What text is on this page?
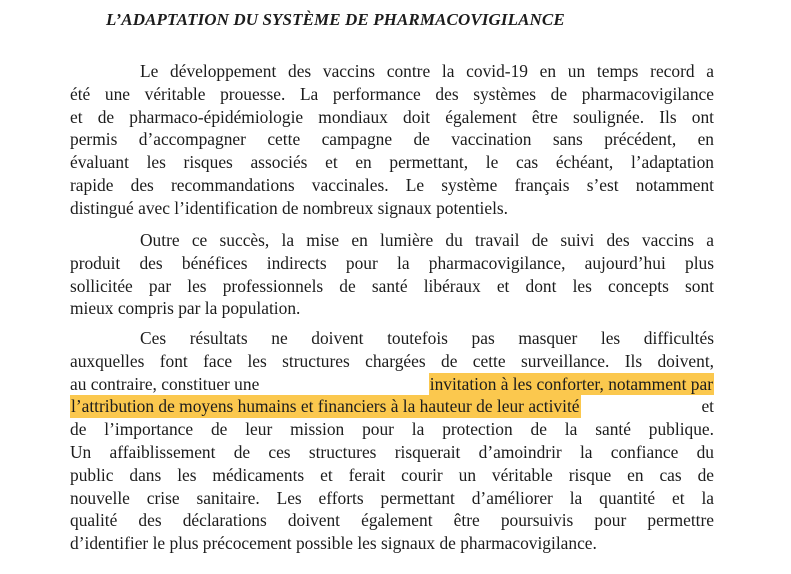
L’ADAPTATION DU SYSTÈME DE PHARMACOVIGILANCE
Le développement des vaccins contre la covid-19 en un temps record a
été une véritable prouesse. La performance des systèmes de pharmacovigilance
et de pharmaco-épidémiologie mondiaux doit également être soulignée. Ils ont
permis d’accompagner cette campagne de vaccination sans précédent, en
évaluant les risques associés et en permettant, le cas échéant, l’adaptation
rapide des recommandations vaccinales. Le système français s’est notamment
distingué avec l’identification de nombreux signaux potentiels.
Outre ce succès, la mise en lumière du travail de suivi des vaccins a
produit des bénéfices indirects pour la pharmacovigilance, aujourd’hui plus
sollicitée par les professionnels de santé libéraux et dont les concepts sont
mieux compris par la population.
Ces résultats ne doivent toutefois pas masquer les difficultés
auxquelles font face les structures chargées de cette surveillance. Ils doivent,
au contraire, constituer une	invitation à les conforter, notamment par
l’attribution de moyens humains et financiers à la hauteur de leur activité	et
de l’importance de leur mission pour la protection de la santé publique.
Un affaiblissement de ces structures risquerait d’amoindrir la confiance du
public dans les médicaments et ferait courir un véritable risque en cas de
nouvelle crise sanitaire. Les efforts permettant d’améliorer la quantité et la
qualité des déclarations doivent également être poursuivis pour permettre
d’identifier le plus précocement possible les signaux de pharmacovigilance.
